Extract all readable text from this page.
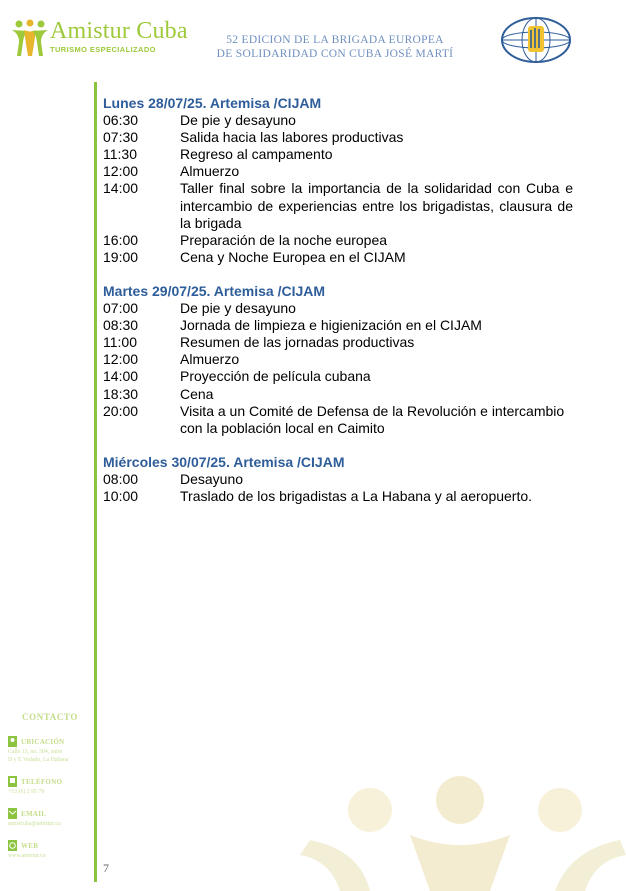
Amistur Cuba
TURISMO ESPECIALIZADO
52 EDICION DE LA BRIGADA EUROPEA
DE SOLIDARIDAD CON CUBA JOSÉ MARTÍ
Lunes 28/07/25. Artemisa /CIJAM
06:30	De pie y desayuno
07:30	Salida hacia las labores productivas
11:30	Regreso al campamento
12:00	Almuerzo
14:00	Taller final sobre la importancia de la solidaridad con Cuba e intercambio de experiencias entre los brigadistas, clausura de la brigada
16:00	Preparación de la noche europea
19:00	Cena y Noche Europea en el CIJAM
Martes 29/07/25. Artemisa /CIJAM
07:00	De pie y desayuno
08:30	Jornada de limpieza e higienización en el CIJAM
11:00	Resumen de las jornadas productivas
12:00	Almuerzo
14:00	Proyección de película cubana
18:30	Cena
20:00	Visita a un Comité de Defensa de la Revolución e intercambio con la población local en Caimito
Miércoles 30/07/25. Artemisa /CIJAM
08:00	Desayuno
10:00	Traslado de los brigadistas a La Habana y al aeropuerto.
CONTACTO
UBICACIÓN
Calle 13, no. 504, entre
D y E Vedado, La Habana
TELÉFONO
+53 (6) 2 95 79
EMAIL
amistcuba@amistur.cu
WEB
www.amistur.cu
7
